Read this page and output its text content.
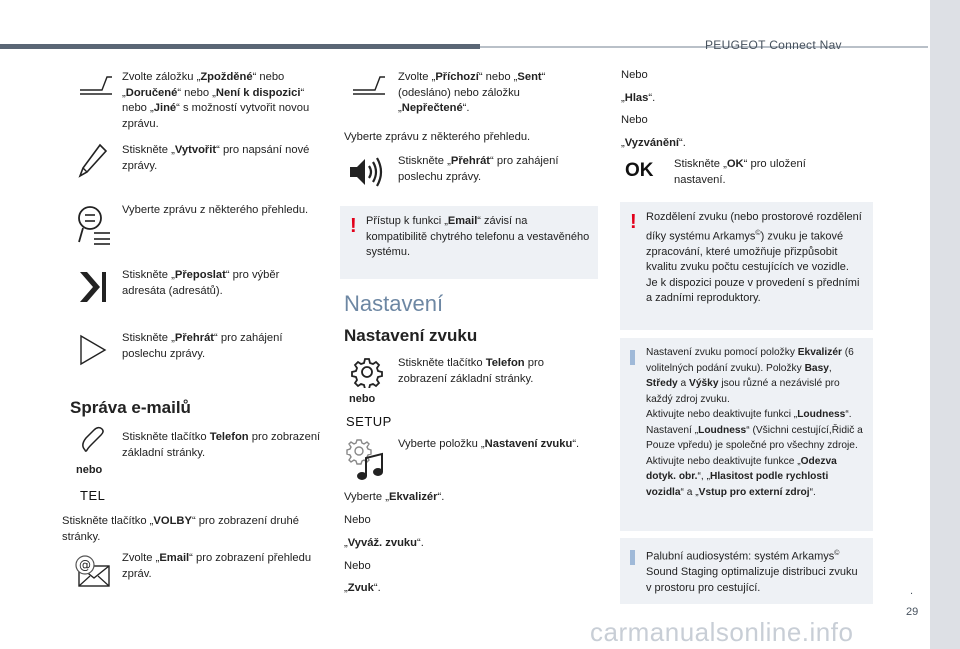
PEUGEOT Connect Nav
Zvolte záložku „Zpožděné“ nebo „Doručené“ nebo „Není k dispozici“ nebo „Jiné“ s možností vytvořit novou zprávu.
Stiskněte „Vytvořit“ pro napsání nové zprávy.
Vyberte zprávu z některého přehledu.
Stiskněte „Přeposlat“ pro výběr adresáta (adresátů).
Stiskněte „Přehrát“ pro zahájení poslechu zprávy.
Správa e-mailů
nebo
TEL
Stiskněte tlačítko Telefon pro zobrazení základní stránky.
Stiskněte tlačítko „VOLBY“ pro zobrazení druhé stránky.
@	Zvolte „Email“ pro zobrazení přehledu zpráv.
Zvolte „Příchozí“ nebo „Sent“ (odesláno) nebo záložku „Nepřečtené“.
Vyberte zprávu z některého přehledu.
Stiskněte „Přehrát“ pro zahájení poslechu zprávy.
! Přístup k funkci „Email“ závisí na kompatibilitě chytrého telefonu a vestavěného systému.
Nastavení
Nastavení zvuku
nebo
SETUP
Stiskněte tlačítko Telefon pro zobrazení základní stránky.
Vyberte položku „Nastavení zvuku“.
Vyberte „Ekvalizér“.
Nebo
„Vyváž. zvuku“.
Nebo
„Zvuk“.
Nebo
„Hlas“.
Nebo
„Vyzvánění“.
OK Stiskněte „OK“ pro uložení nastavení.
! Rozdělení zvuku (nebo prostorové rozdělení díky systému Arkamys©) zvuku je takové zpracování, které umožňuje přizpůsobit kvalitu zvuku počtu cestujících ve vozidle.
Je k dispozici pouze v provedení s předními a zadními reproduktory.
Nastavení zvuku pomocí položky Ekvalizér (6 volitelných podání zvuku). Položky Basy, Středy a Výšky jsou různé a nezávislé pro každý zdroj zvuku.
Aktivujte nebo deaktivujte funkci „Loudness“.
Nastavení „Loudness“ (Všichni cestující,Řidič a Pouze vpředu) je společné pro všechny zdroje.
Aktivujte nebo deaktivujte funkce „Odezva dotyk. obr.“, „Hlasitost podle rychlosti vozidla“ a „Vstup pro externí zdroj“.
Palubní audiosystém: systém Arkamys© Sound Staging optimalizuje distribuci zvuku v prostoru pro cestující.	.
29
carmanualsonline.info
